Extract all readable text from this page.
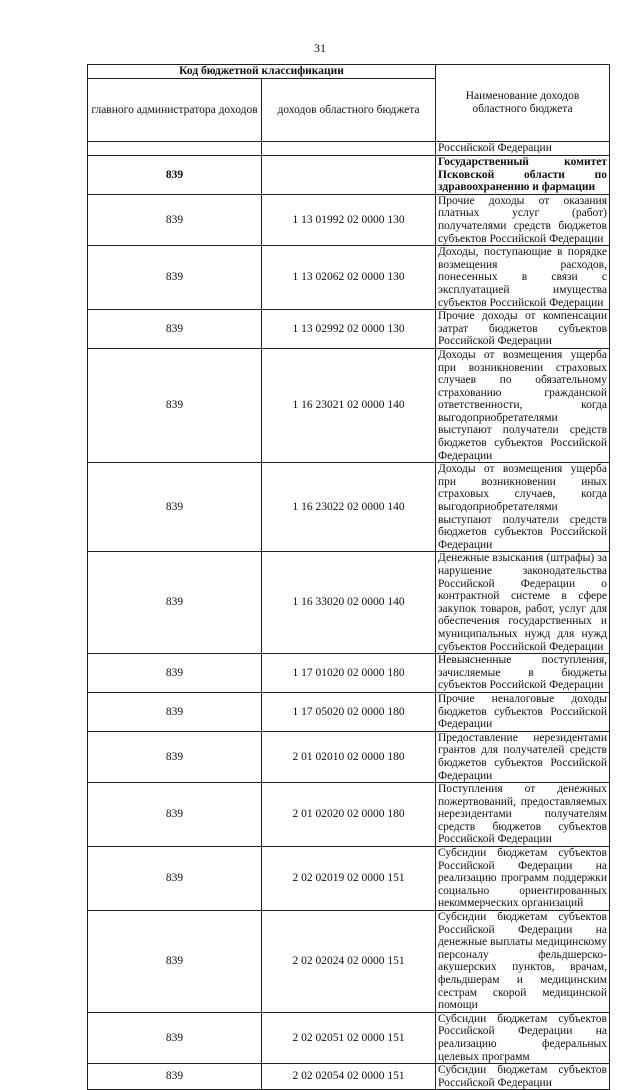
31
Код бюджетной классификации		Наименование доходов областного бюджета
главного администратора доходов	доходов областного бюджета	
		Российской Федерации
839		Государственный комитет Псковской области по здравоохранению и фармации
839	1 13 01992 02 0000 130	Прочие доходы от оказания платных услуг (работ) получателями средств бюджетов субъектов Российской Федерации
839	1 13 02062 02 0000 130	Доходы, поступающие в порядке возмещения расходов, понесенных в связи с эксплуатацией имущества субъектов Российской Федерации
839	1 13 02992 02 0000 130	Прочие доходы от компенсации затрат бюджетов субъектов Российской Федерации
839	1 16 23021 02 0000 140	Доходы от возмещения ущерба при возникновении страховых случаев по обязательному страхованию гражданской ответственности, когда выгодоприобретателями выступают получатели средств бюджетов субъектов Российской Федерации
839	1 16 23022 02 0000 140	Доходы от возмещения ущерба при возникновении иных страховых случаев, когда выгодоприобретателями выступают получатели средств бюджетов субъектов Российской Федерации
839	1 16 33020 02 0000 140	Денежные взыскания (штрафы) за нарушение законодательства Российской Федерации о контрактной системе в сфере закупок товаров, работ, услуг для обеспечения государственных и муниципальных нужд для нужд субъектов Российской Федерации
839	1 17 01020 02 0000 180	Невыясненные поступления, зачисляемые в бюджеты субъектов Российской Федерации
839	1 17 05020 02 0000 180	Прочие неналоговые доходы бюджетов субъектов Российской Федерации
839	2 01 02010 02 0000 180	Предоставление нерезидентами грантов для получателей средств бюджетов субъектов Российской Федерации
839	2 01 02020 02 0000 180	Поступления от денежных пожертвований, предоставляемых нерезидентами получателям средств бюджетов субъектов Российской Федерации
839	2 02 02019 02 0000 151	Субсидии бюджетам субъектов Российской Федерации на реализацию программ поддержки социально ориентированных некоммерческих организаций
839	2 02 02024 02 0000 151	Субсидии бюджетам субъектов Российской Федерации на денежные выплаты медицинскому персоналу фельдшерско-акушерских пунктов, врачам, фельдшерам и медицинским сестрам скорой медицинской помощи
839	2 02 02051 02 0000 151	Субсидии бюджетам субъектов Российской Федерации на реализацию федеральных целевых программ
839	2 02 02054 02 0000 151	Субсидии бюджетам субъектов Российской Федерации
